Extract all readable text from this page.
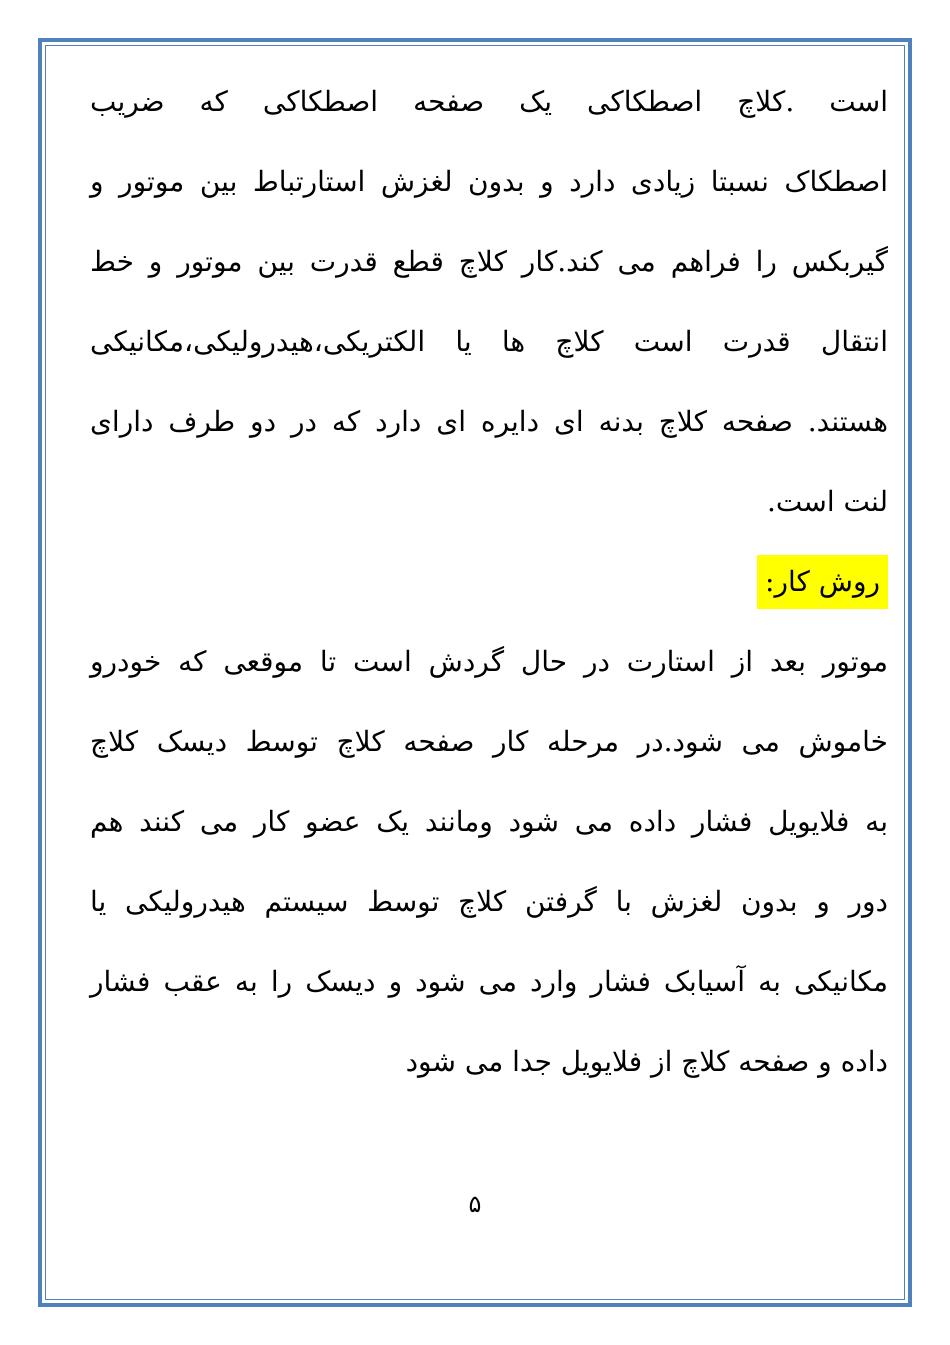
است .کلاچ اصطکاکی یک صفحه اصطکاکی که ضریب
اصطکاک نسبتا زیادی دارد و بدون لغزش استارتباط بین موتور و
گیربکس را فراهم می کند.کار کلاچ قطع قدرت بین موتور و خط
انتقال قدرت است کلاچ ها یا الکتریکی،هیدرولیکی،مکانیکی
هستند. صفحه کلاچ بدنه ای دایره ای دارد که در دو طرف دارای
لنت است.
روش کار:
موتور بعد از استارت در حال گردش است تا موقعی که خودرو
خاموش می شود.در مرحله کار صفحه کلاچ توسط دیسک کلاچ
به فلایویل فشار داده می شود ومانند یک عضو کار می کنند هم
دور و بدون لغزش با گرفتن کلاچ توسط سیستم هیدرولیکی یا
مکانیکی به آسیابک فشار وارد می شود و دیسک را به عقب فشار
داده و صفحه کلاچ از فلایویل جدا می شود
۵
